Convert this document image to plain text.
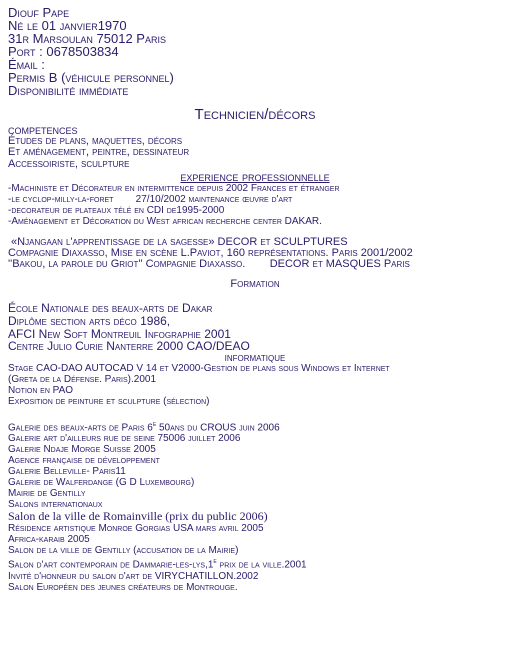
Diouf Pape
Né le 01 janvier1970
31r Marsoulan 75012 Paris
Port : 0678503834
Émail :
Permis B (véhicule personnel)
Disponibilité immédiate
Technicien/décors
competences
Études de plans, maquettes, décors
Et aménagement, peintre, dessinateur
Accessoiriste, sculpture
experience professionnelle
-Machiniste et Décorateur en intermittence depuis 2002 Frances et étranger
-le cyclop-milly-la-foret        27/10/2002 maintenance œuvre d'art
-decorateur de plateaux télé en CDI de1995-2000
-Aménagement et Décoration du West african recherche center DAKAR.
«Njangaan l'apprentissage de la sagesse» DECOR et SCULPTURES
Compagnie Diaxasso, Mise en scène L.Paviot, 160 représentations. Paris 2001/2002
''Bakou, la parole du Griot'' Compagnie Diaxasso.        DECOR et MASQUES Paris
Formation
École Nationale des beaux-arts de Dakar
Diplôme section arts déco 1986,
AFCI New Soft Montreuil Infographie 2001
Centre Julio Curie Nanterre 2000 CAO/DEAO
informatique
Stage CAO-DAO AUTOCAD V 14 et V2000-Gestion de plans sous Windows et Internet
(Greta de la Défense. Paris).2001
Notion en PAO
Exposition de peinture et sculpture (sélection)
Galerie des beaux-arts de Paris 6e 50ans du CROUS juin 2006
Galerie art d'ailleurs rue de seine 75006 juillet 2006
Galerie Ndaje Morge Suisse 2005
Agence française de développement
Galerie Belleville- Paris11
Galerie de Walferdange (G D Luxembourg)
Mairie de Gentilly
Salons internationaux
Salon de la ville de Romainville (prix du public 2006)
Résidence artistique Monroe Gorgias USA mars avril 2005
Africa-karaib 2005
Salon de la ville de Gentilly (accusation de la Mairie)
Salon d'art contemporain de Dammarie-les-lys,1e prix de la ville.2001
Invité d'honneur du salon d'art de VIRYCHATILLON.2002
Salon Européen des jeunes créateurs de Montrouge.
